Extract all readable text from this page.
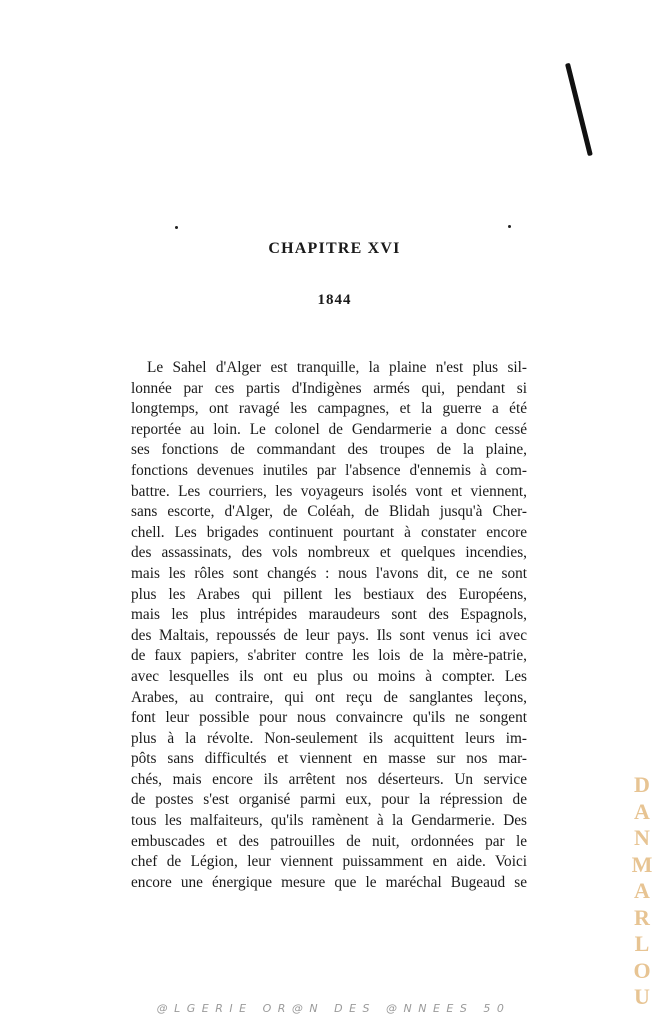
CHAPITRE XVI
1844
Le Sahel d'Alger est tranquille, la plaine n'est plus sil-
lonnée par ces partis d'Indigènes armés qui, pendant si
longtemps, ont ravagé les campagnes, et la guerre a été
reportée au loin. Le colonel de Gendarmerie a donc cessé
ses fonctions de commandant des troupes de la plaine,
fonctions devenues inutiles par l'absence d'ennemis à com-
battre. Les courriers, les voyageurs isolés vont et viennent,
sans escorte, d'Alger, de Coléah, de Blidah jusqu'à Cher-
chell. Les brigades continuent pourtant à constater encore
des assassinats, des vols nombreux et quelques incendies,
mais les rôles sont changés : nous l'avons dit, ce ne sont
plus les Arabes qui pillent les bestiaux des Européens,
mais les plus intrépides maraudeurs sont des Espagnols,
des Maltais, repoussés de leur pays. Ils sont venus ici avec
de faux papiers, s'abriter contre les lois de la mère-patrie,
avec lesquelles ils ont eu plus ou moins à compter. Les
Arabes, au contraire, qui ont reçu de sanglantes leçons,
font leur possible pour nous convaincre qu'ils ne songent
plus à la révolte. Non-seulement ils acquittent leurs im-
pôts sans difficultés et viennent en masse sur nos mar-
chés, mais encore ils arrêtent nos déserteurs. Un service
de postes s'est organisé parmi eux, pour la répression de
tous les malfaiteurs, qu'ils ramènent à la Gendarmerie. Des
embuscades et des patrouilles de nuit, ordonnées par le
chef de Légion, leur viennent puissamment en aide. Voici
encore une énergique mesure que le maréchal Bugeaud se
D
A
N
M
A
R
L
O
U
@LGERIE OR@N DES @NNEES 50
